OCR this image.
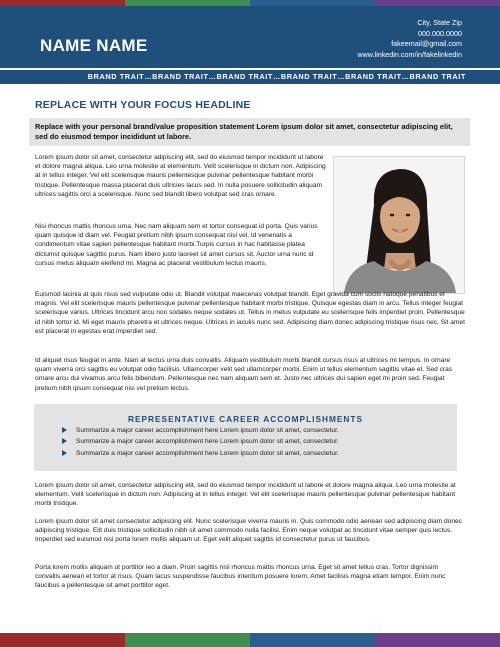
NAME NAME
City, State Zip
000.000.0000
fakeemail@gmail.com
www.linkedin.com/in/fakelinkedin
BRAND TRAIT…BRAND TRAIT…BRAND TRAIT…BRAND TRAIT…BRAND TRAIT…BRAND TRAIT
REPLACE WITH YOUR FOCUS HEADLINE
Replace with your personal brand/value proposition statement Lorem ipsum dolor sit amet, consectetur adipiscing elit, sed do eiusmod tempor incididunt ut labore.

Lorem ipsum dolor sit amet, consectetur adipiscing elit, sed do eiusmod tempor incididunt ut labore et dolore magna aliqua. Leo urna molestie at elementum. Velit scelerisque in dictum non. Adipiscing at in tellus integer. Vel elit scelerisque mauris pellentesque pulvinar pellentesque habitant morbi tristique. Pellentesque massa placerat duis ultricies lacus sed. In nulla posuere sollicitudin aliquam ultrices sagittis orci a scelerisque. Nunc sed blandit libero volutpat sed cras ornare.

Nisi rhoncus mattis rhoncus urna. Nec nam aliquam sem et tortor consequat id porta. Quis varius quam quisque id diam vel. Feugiat pretium nibh ipsum consequat nisl vel. Id venenatis a condimentum vitae sapien pellentesque habitant morbi.Turpis cursus in hac habitasse platea dictumst quisque sagittis purus. Nam libero justo laoreet sit amet cursus sit. Auctor urna nunc id cursus metus aliquam eleifend mi. Magna ac placerat vestibulum lectus mauris.

Euismod lacinia at quis risus sed vulputate odio ut. Blandit volutpat maecenas volutpat blandit. Eget gravida cum sociis natoque penatibus et magnis. Vel elit scelerisque mauris pellentesque pulvinar pellentesque habitant morbi tristique. Quisque egestas diam in arcu. Tellus integer feugiat scelerisque varius. Ultrices tincidunt arcu non sodales neque sodales ut. Tellus in metus vulputate eu scelerisque felis imperdiet proin. Pellentesque id nibh tortor id. Mi eget mauris pharetra et ultrices neque. Ultrices in iaculis nunc sed. Adipiscing diam donec adipiscing tristique risus nec. Sit amet est placerat in egestas erat imperdiet sed.

Id aliquet risus feugiat in ante. Nam at lectus urna duis convallis. Aliquam vestibulum morbi blandit cursus risus at ultrices mi tempus. In ornare quam viverra orci sagittis eu volutpat odio facilisis. Ullamcorper velit sed ullamcorper morbi. Enim ut tellus elementum sagittis vitae et. Sed cras ornare arcu dui vivamus arcu felis bibendum. Pellentesque nec nam aliquam sem et. Justo nec ultrices dui sapien eget mi proin sed. Feugiat pretium nibh ipsum consequat nisi vel pretium lectus.

REPRESENTATIVE CAREER ACCOMPLISHMENTS
Summarize a major career accomplishment here Lorem ipsum dolor sit amet, consectetur.
Summarize a major career accomplishment here Lorem ipsum dolor sit amet, consectetur.
Summarize a major career accomplishment here Lorem ipsum dolor sit amet, consectetur.

Lorem ipsum dolor sit amet, consectetur adipiscing elit, sed do eiusmod tempor incididunt ut labore et dolore magna aliqua. Leo urna molestie at elementum. Velit scelerisque in dictum non. Adipiscing at in tellus integer. Vel elit scelerisque mauris pellentesque pulvinar pellentesque habitant morbi tristique.

Lorem ipsum dolor sit amet consectetur adipiscing elit. Nunc scelerisque viverra mauris in. Quis commodo odio aenean sed adipiscing diam donec adipiscing tristique. Elit duis tristique sollicitudin nibh sit amet commodo nulla facilisi. Enim neque volutpat ac tincidunt vitae semper quis lectus. Imperdiet sed euismod nisi porta lorem mollis aliquam ut. Eget velit aliquet sagittis id consectetur purus ut faucibus.

Porta lorem mollis aliquam ut porttitor leo a diam. Proin sagittis nisl rhoncus mattis rhoncus urna. Eget sit amet tellus cras. Tortor dignissim convallis aenean et tortor at risus. Quam lacus suspendisse faucibus interdum posuere lorem. Amet facilisis magna etiam tempor. Enim nunc faucibus a pellentesque sit amet porttitor eget.
